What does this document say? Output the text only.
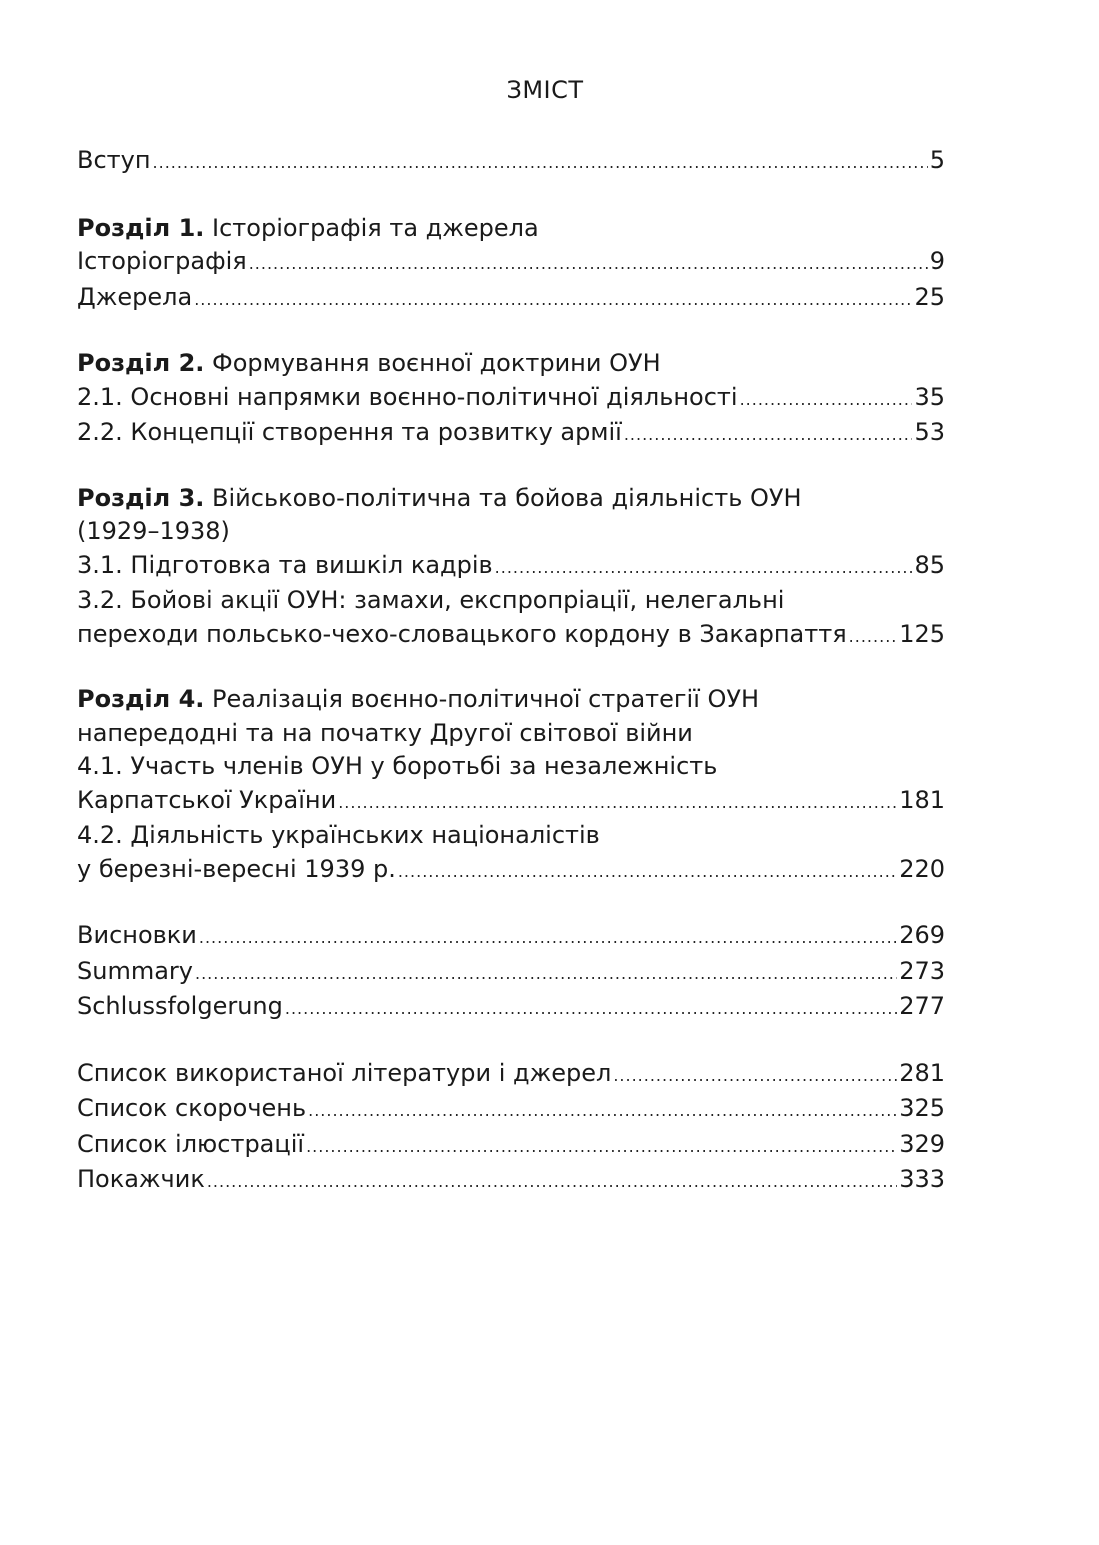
ЗМІСТ
Вступ .....	5
Розділ 1. Історіографія та джерела
Історіографія .....	9
Джерела .....	25
Розділ 2. Формування воєнної доктрини ОУН
2.1. Основні напрямки воєнно-політичної діяльності .....	35
2.2. Концепції створення та розвитку армії .....	53
Розділ 3. Військово-політична та бойова діяльність ОУН
(1929–1938)
3.1. Підготовка та вишкіл кадрів .....	85
3.2. Бойові акції ОУН: замахи, експропріації, нелегальні
переходи польсько-чехо-словацького кордону в Закарпаття ..... 125
Розділ 4. Реалізація воєнно-політичної стратегії ОУН
напередодні та на початку Другої світової війни
4.1. Участь членів ОУН у боротьбі за незалежність
Карпатської України .....	181
4.2. Діяльність українських націоналістів
у березні-вересні 1939 р. .....	220
Висновки .....	269
Summary .....	273
Schlussfolgerung .....	277
Список використаної літератури і джерел .....	281
Список скорочень .....	325
Список ілюстрації .....	329
Покажчик .....	333
